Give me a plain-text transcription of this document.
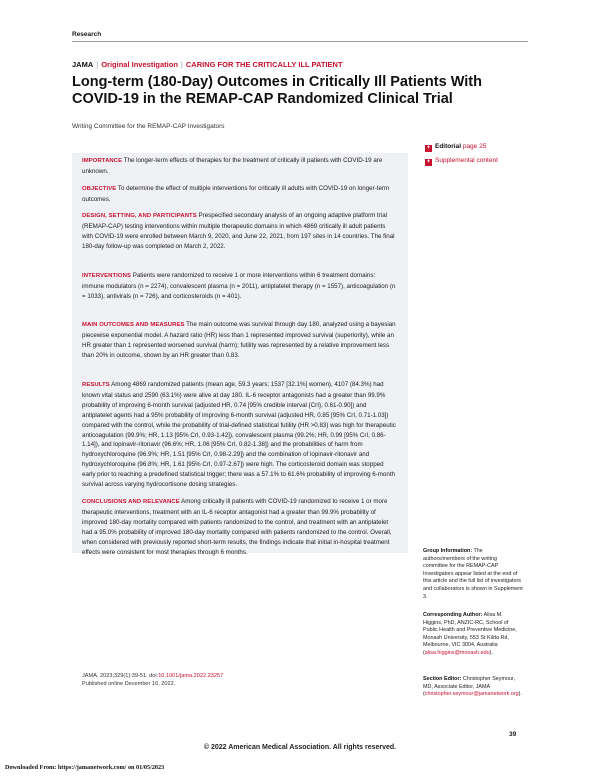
Research
JAMA | Original Investigation | CARING FOR THE CRITICALLY ILL PATIENT
Long-term (180-Day) Outcomes in Critically Ill Patients With COVID-19 in the REMAP-CAP Randomized Clinical Trial
Writing Committee for the REMAP-CAP Investigators
+ Editorial page 25
+ Supplemental content
IMPORTANCE The longer-term effects of therapies for the treatment of critically ill patients with COVID-19 are unknown.
OBJECTIVE To determine the effect of multiple interventions for critically ill adults with COVID-19 on longer-term outcomes.
DESIGN, SETTING, AND PARTICIPANTS Prespecified secondary analysis of an ongoing adaptive platform trial (REMAP-CAP) testing interventions within multiple therapeutic domains in which 4869 critically ill adult patients with COVID-19 were enrolled between March 9, 2020, and June 22, 2021, from 197 sites in 14 countries. The final 180-day follow-up was completed on March 2, 2022.
INTERVENTIONS Patients were randomized to receive 1 or more interventions within 6 treatment domains: immune modulators (n = 2274), convalescent plasma (n = 2011), antiplatelet therapy (n = 1557), anticoagulation (n = 1033), antivirals (n = 726), and corticosteroids (n = 401).
MAIN OUTCOMES AND MEASURES The main outcome was survival through day 180, analyzed using a bayesian piecewise exponential model. A hazard ratio (HR) less than 1 represented improved survival (superiority), while an HR greater than 1 represented worsened survival (harm); futility was represented by a relative improvement less than 20% in outcome, shown by an HR greater than 0.83.
RESULTS Among 4869 randomized patients (mean age, 59.3 years; 1537 [32.1%] women), 4107 (84.3%) had known vital status and 2590 (63.1%) were alive at day 180. IL-6 receptor antagonists had a greater than 99.9% probability of improving 6-month survival (adjusted HR, 0.74 [95% credible interval {CrI}, 0.61-0.90]) and antiplatelet agents had a 95% probability of improving 6-month survival (adjusted HR, 0.85 [95% CrI, 0.71-1.03]) compared with the control, while the probability of trial-defined statistical futility (HR >0.83) was high for therapeutic anticoagulation (99.9%; HR, 1.13 [95% CrI, 0.93-1.42]), convalescent plasma (99.2%; HR, 0.99 [95% CrI, 0.86-1.14]), and lopinavir-ritonavir (96.6%; HR, 1.06 [95% CrI, 0.82-1.38]) and the probabilities of harm from hydroxychloroquine (96.9%; HR, 1.51 [95% CrI, 0.98-2.29]) and the combination of lopinavir-ritonavir and hydroxychloroquine (96.8%; HR, 1.61 [95% CrI, 0.97-2.67]) were high. The corticosteroid domain was stopped early prior to reaching a predefined statistical trigger; there was a 57.1% to 61.6% probability of improving 6-month survival across varying hydrocortisone dosing strategies.
CONCLUSIONS AND RELEVANCE Among critically ill patients with COVID-19 randomized to receive 1 or more therapeutic interventions, treatment with an IL-6 receptor antagonist had a greater than 99.9% probability of improved 180-day mortality compared with patients randomized to the control, and treatment with an antiplatelet had a 95.0% probability of improved 180-day mortality compared with patients randomized to the control. Overall, when considered with previously reported short-term results, the findings indicate that initial in-hospital treatment effects were consistent for most therapies through 6 months.
JAMA. 2023;329(1):39-51. doi:10.1001/jama.2022.23257
Published online December 16, 2022.
Group Information: The authors/members of the writing committee for the REMAP-CAP Investigators appear listed at the end of this article and the full list of investigators and collaborators is shown in Supplement 3.
Corresponding Author: Alisa M. Higgins, PhD, ANZIC-RC, School of Public Health and Preventive Medicine, Monash University, 553 St Kilda Rd, Melbourne, VIC 3004, Australia (alisa.higgins@monash.edu).
Section Editor: Christopher Seymour, MD, Associate Editor, JAMA (christopher.seymour@jamanetwork.org).
39
© 2022 American Medical Association. All rights reserved.
Downloaded From: https://jamanetwork.com/ on 01/05/2023
